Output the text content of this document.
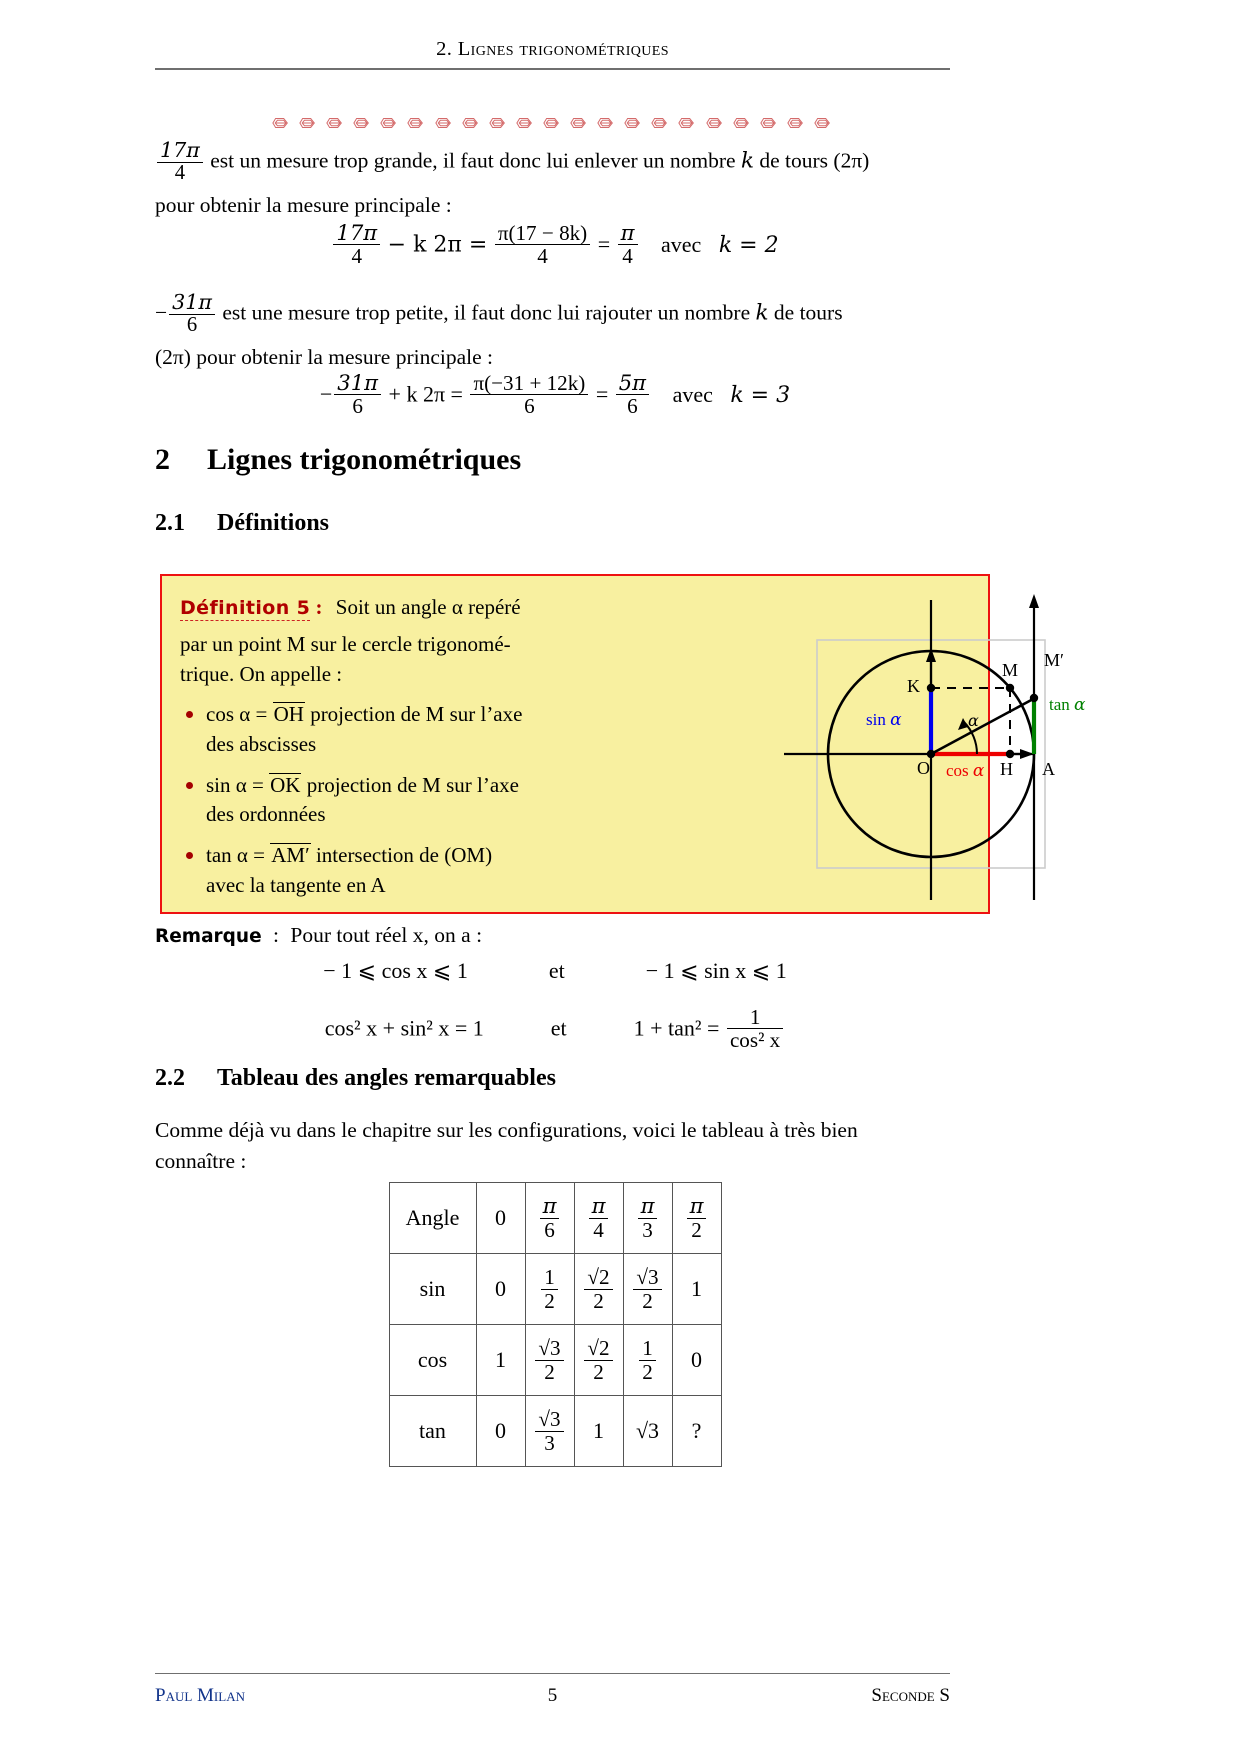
2. Lignes trigonométriques
$\frac{17\pi}{4}$ est un mesure trop grande, il faut donc lui enlever un nombre k de tours (2π)
pour obtenir la mesure principale :
$\frac{17\pi}{4} - k$ $2\pi = \frac{\pi(17 - 8k)}{4} = \frac{\pi}{4}$ avec k = 2
− $\frac{31\pi}{6}$ est une mesure trop petite, il faut donc lui rajouter un nombre k de tours
(2π) pour obtenir la mesure principale :
− $\frac{31\pi}{6} + k$ $2\pi = \frac{\pi(-31 + 12k)}{6} = \frac{5\pi}{6}$ avec k = 3
2 Lignes trigonométriques
2.1 Définitions
Définition 5 : Soit un angle α repéré
par un point M sur le cercle trigonomé-
trique. On appelle :
cos α = OH projection de M sur l’axe
des abscisses
sin α = OK projection de M sur l’axe
des ordonnées
tan α = AM′ intersection de (OM)
avec la tangente en A
O	H A
K
M M′
α
sin α
cos α
tan α
Remarque : Pour tout réel x, on a :
− 1 ⩽ cos x ⩽ 1	et	− 1 ⩽ sin x ⩽ 1
cos² x + sin² x = 1	et	$1 + \tan^2 = \frac{1}{\text{cos² x}}$
2.2 Tableau des angles remarquables
Comme déjà vu dans le chapitre sur les configurations, voici le tableau à très bien
connaître :
Angle	0	$\frac{\pi}{6}$	$\frac{\pi}{4}$	$\frac{\pi}{3}$	$\frac{\pi}{2}$

sin	0	$\frac{1}{2}$	$\frac{√2}{2}$	$\frac{√3}{2}$	1
cos	1	$\frac{√3}{2}$	$\frac{√2}{2}$	$\frac{1}{2}$	0
tan	0	$\frac{√3}{3}$	1	√3	?
Paul Milan	5	Seconde S
